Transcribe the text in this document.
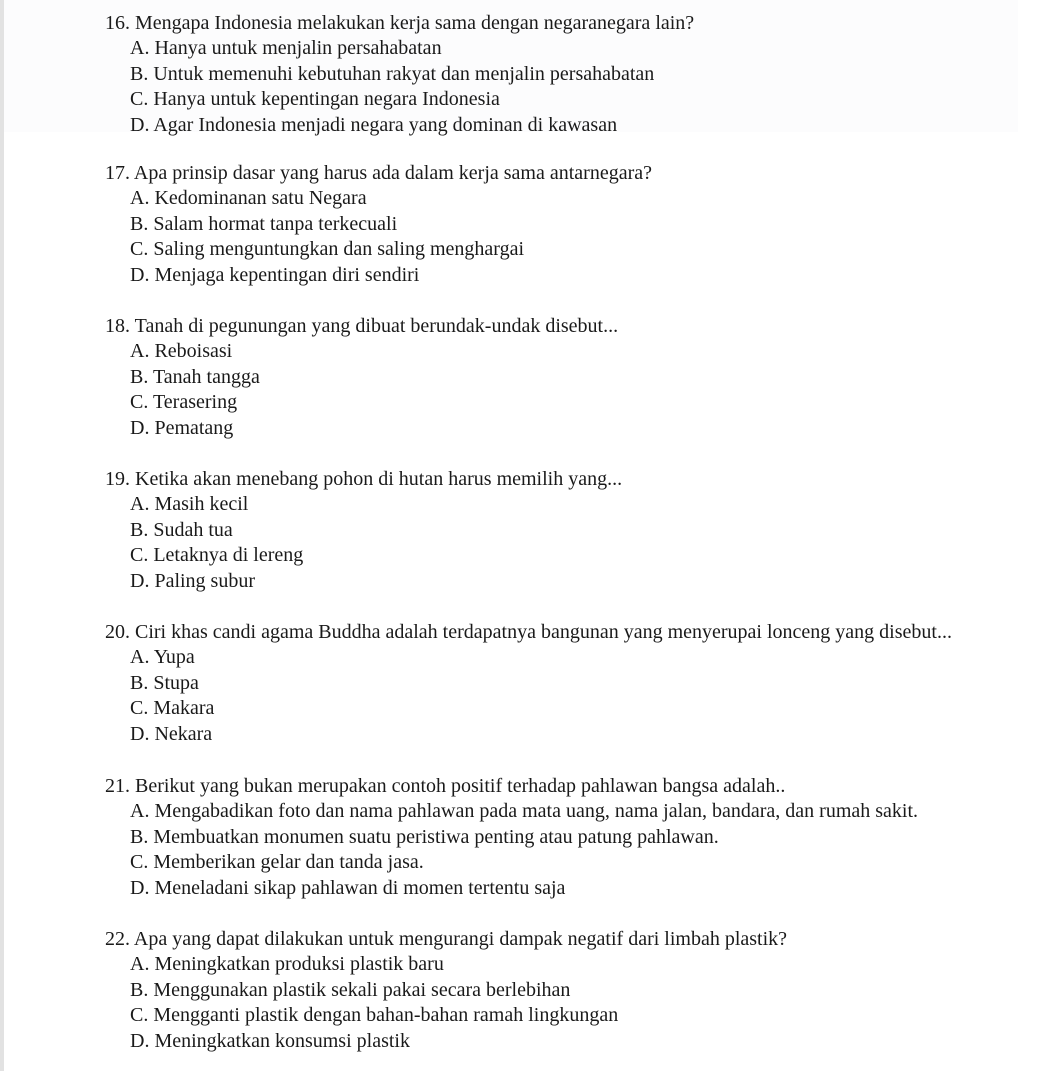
16. Mengapa Indonesia melakukan kerja sama dengan negaranegara lain?
A. Hanya untuk menjalin persahabatan
B. Untuk memenuhi kebutuhan rakyat dan menjalin persahabatan
C. Hanya untuk kepentingan negara Indonesia
D. Agar Indonesia menjadi negara yang dominan di kawasan
17. Apa prinsip dasar yang harus ada dalam kerja sama antarnegara?
A. Kedominanan satu Negara
B. Salam hormat tanpa terkecuali
C. Saling menguntungkan dan saling menghargai
D. Menjaga kepentingan diri sendiri
18. Tanah di pegunungan yang dibuat berundak-undak disebut...
A. Reboisasi
B. Tanah tangga
C. Terasering
D. Pematang
19. Ketika akan menebang pohon di hutan harus memilih yang...
A. Masih kecil
B. Sudah tua
C. Letaknya di lereng
D. Paling subur
20. Ciri khas candi agama Buddha adalah terdapatnya bangunan yang menyerupai lonceng yang disebut...
A. Yupa
B. Stupa
C. Makara
D. Nekara
21. Berikut yang bukan merupakan contoh positif terhadap pahlawan bangsa adalah..
A. Mengabadikan foto dan nama pahlawan pada mata uang, nama jalan, bandara, dan rumah sakit.
B. Membuatkan monumen suatu peristiwa penting atau patung pahlawan.
C. Memberikan gelar dan tanda jasa.
D. Meneladani sikap pahlawan di momen tertentu saja
22. Apa yang dapat dilakukan untuk mengurangi dampak negatif dari limbah plastik?
A. Meningkatkan produksi plastik baru
B. Menggunakan plastik sekali pakai secara berlebihan
C. Mengganti plastik dengan bahan-bahan ramah lingkungan
D. Meningkatkan konsumsi plastik
